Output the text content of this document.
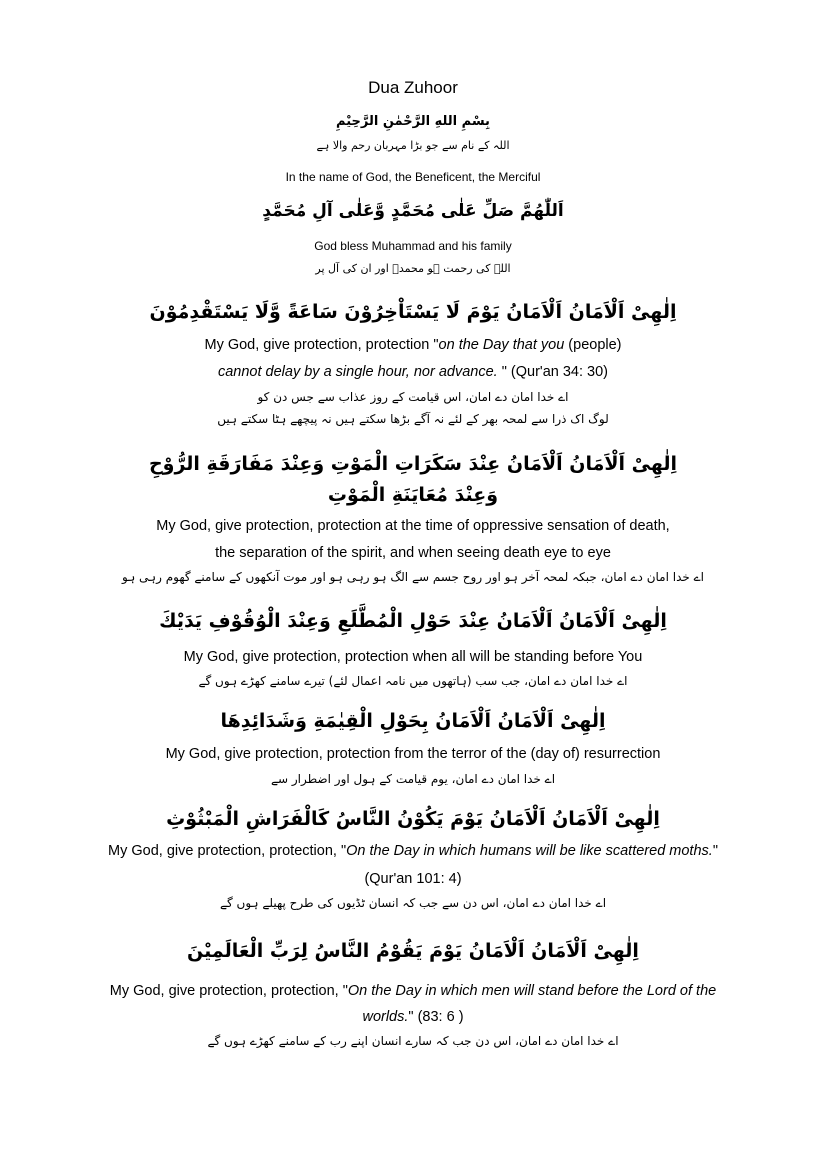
Dua Zuhoor
بِسْمِ اللهِ الرَّحْمٰنِ الرَّحِيْمِ
اللہ کے نام سے جو بڑا مہربان رحم والا ہے
In the name of God, the Beneficent, the Merciful
اَللّٰهُمَّ صَلِّ عَلٰى مُحَمَّدٍ وَّعَلٰى آلِ مُحَمَّدٍ
God bless Muhammad and his family
اللہ کی رحمت ہو محمدؐ اور ان کی آل پر
اِلٰهِىْ اَلْاَمَانُ اَلْاَمَانُ يَوْمَ لَا يَسْتَاْخِرُوْنَ سَاعَةً وَّلَا يَسْتَقْدِمُوْنَ
My God, give protection, protection "on the Day that you (people)
cannot delay by a single hour, nor advance. " (Qur'an 34: 30)
اے خدا امان دے امان، اس قیامت کے روز عذاب سے جس دن کو
لوگ اک ذرا سے لمحہ بھر کے لئے نہ آگے بڑھا سکتے ہیں نہ پیچھے ہٹا سکتے ہیں
اِلٰهِىْ اَلْاَمَانُ اَلْاَمَانُ عِنْدَ سَكَرَاتِ الْمَوْتِ وَعِنْدَ مَفَارَقَةِ الرُّوْحِ
وَعِنْدَ مُعَايَنَةِ الْمَوْتِ
My God, give protection, protection at the time of oppressive sensation of death,
the separation of the spirit, and when seeing death eye to eye
اے خدا امان دے امان، جبکہ لمحہ آخر ہو اور روح جسم سے الگ ہو رہی ہو اور موت آنکھوں کے سامنے گھوم رہی ہو
اِلٰهِىْ اَلْاَمَانُ اَلْاَمَانُ عِنْدَ حَوْلِ الْمُطَّلَعِ وَعِنْدَ الْوُقُوْفِ يَدَيْكَ
My God, give protection, protection when all will be standing before You
اے خدا امان دے امان، جب سب (ہاتھوں میں نامہ اعمال لئے) تیرے سامنے کھڑے ہوں گے
اِلٰهِىْ اَلْاَمَانُ اَلْاَمَانُ بِحَوْلِ الْقِيٰمَةِ وَشَدَائِدِهَا
My God, give protection, protection from the terror of the (day of) resurrection
اے خدا امان دے امان، یوم قیامت کے ہول اور اضطرار سے
اِلٰهِىْ اَلْاَمَانُ اَلْاَمَانُ يَوْمَ يَكُوْنُ النَّاسُ كَالْفَرَاشِ الْمَبْثُوْثِ
My God, give protection, protection, "On the Day in which humans will be like scattered moths."
(Qur'an 101: 4)
اے خدا امان دے امان، اس دن سے جب کہ انسان ٹڈیوں کی طرح پھیلے ہوں گے
اِلٰهِىْ اَلْاَمَانُ اَلْاَمَانُ يَوْمَ يَقُوْمُ النَّاسُ لِرَبِّ الْعَالَمِيْنَ
My God, give protection, protection, "On the Day in which men will stand before the Lord of the
worlds." (83: 6 )
اے خدا امان دے امان، اس دن جب کہ سارے انسان اپنے رب کے سامنے کھڑے ہوں گے
